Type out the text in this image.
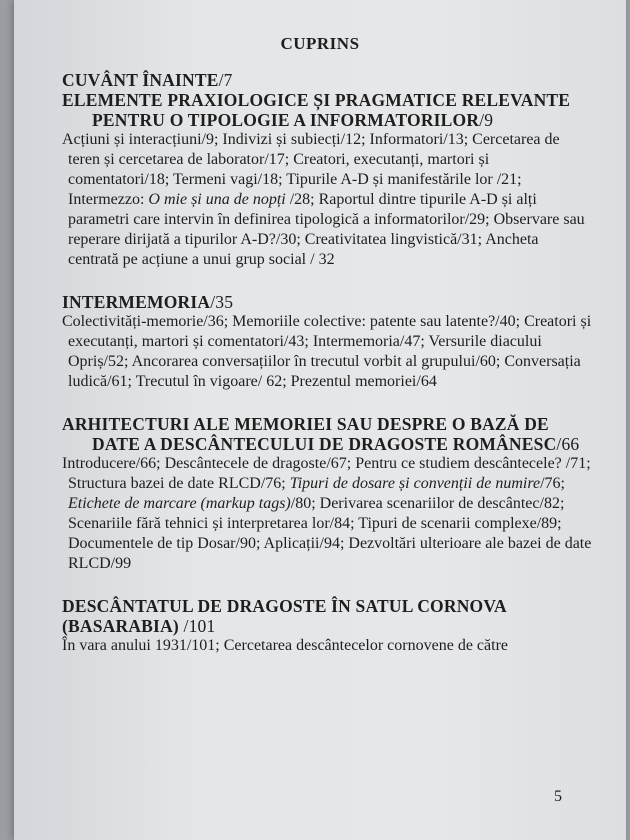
CUPRINS

CUVÂNT ÎNAINTE/7

ELEMENTE PRAXIOLOGICE ȘI PRAGMATICE RELEVANTE
PENTRU O TIPOLOGIE A INFORMATORILOR/9

Acțiuni și interacțiuni/9; Indivizi și subiecți/12; Informatori/13; Cercetarea de teren și cercetarea de laborator/17; Creatori, executanți, martori și comentatori/18; Termeni vagi/18; Tipurile A-D și manifestările lor /21; Intermezzo: O mie și una de nopți /28; Raportul dintre tipurile A-D și alți parametri care intervin în definirea tipologică a informatorilor/29; Observare sau reperare dirijată a tipurilor A-D?/30; Creativitatea lingvistică/31; Ancheta centrată pe acțiune a unui grup social / 32

INTERMEMORIA/35

Colectivități-memorie/36; Memoriile colective: patente sau latente?/40; Creatori și executanți, martori și comentatori/43; Intermemoria/47; Versurile diacului Opriș/52; Ancorarea conversațiilor în trecutul vorbit al grupului/60; Conversația ludică/61; Trecutul în vigoare/ 62; Prezentul memoriei/64

ARHITECTURI ALE MEMORIEI SAU DESPRE O BAZĂ DE
DATE A DESCÂNTECULUI DE DRAGOSTE ROMÂNESC/66

Introducere/66; Descântecele de dragoste/67; Pentru ce studiem descântecele? /71; Structura bazei de date RLCD/76; Tipuri de dosare și convenții de numire/76; Etichete de marcare (markup tags)/80; Derivarea scenariilor de descântec/82; Scenariile fără tehnici și interpretarea lor/84; Tipuri de scenarii complexe/89; Documentele de tip Dosar/90; Aplicații/94; Dezvoltări ulterioare ale bazei de date RLCD/99

DESCÂNTATUL DE DRAGOSTE ÎN SATUL CORNOVA
(BASARABIA) /101

În vara anului 1931/101; Cercetarea descântecelor cornovene de către

5
